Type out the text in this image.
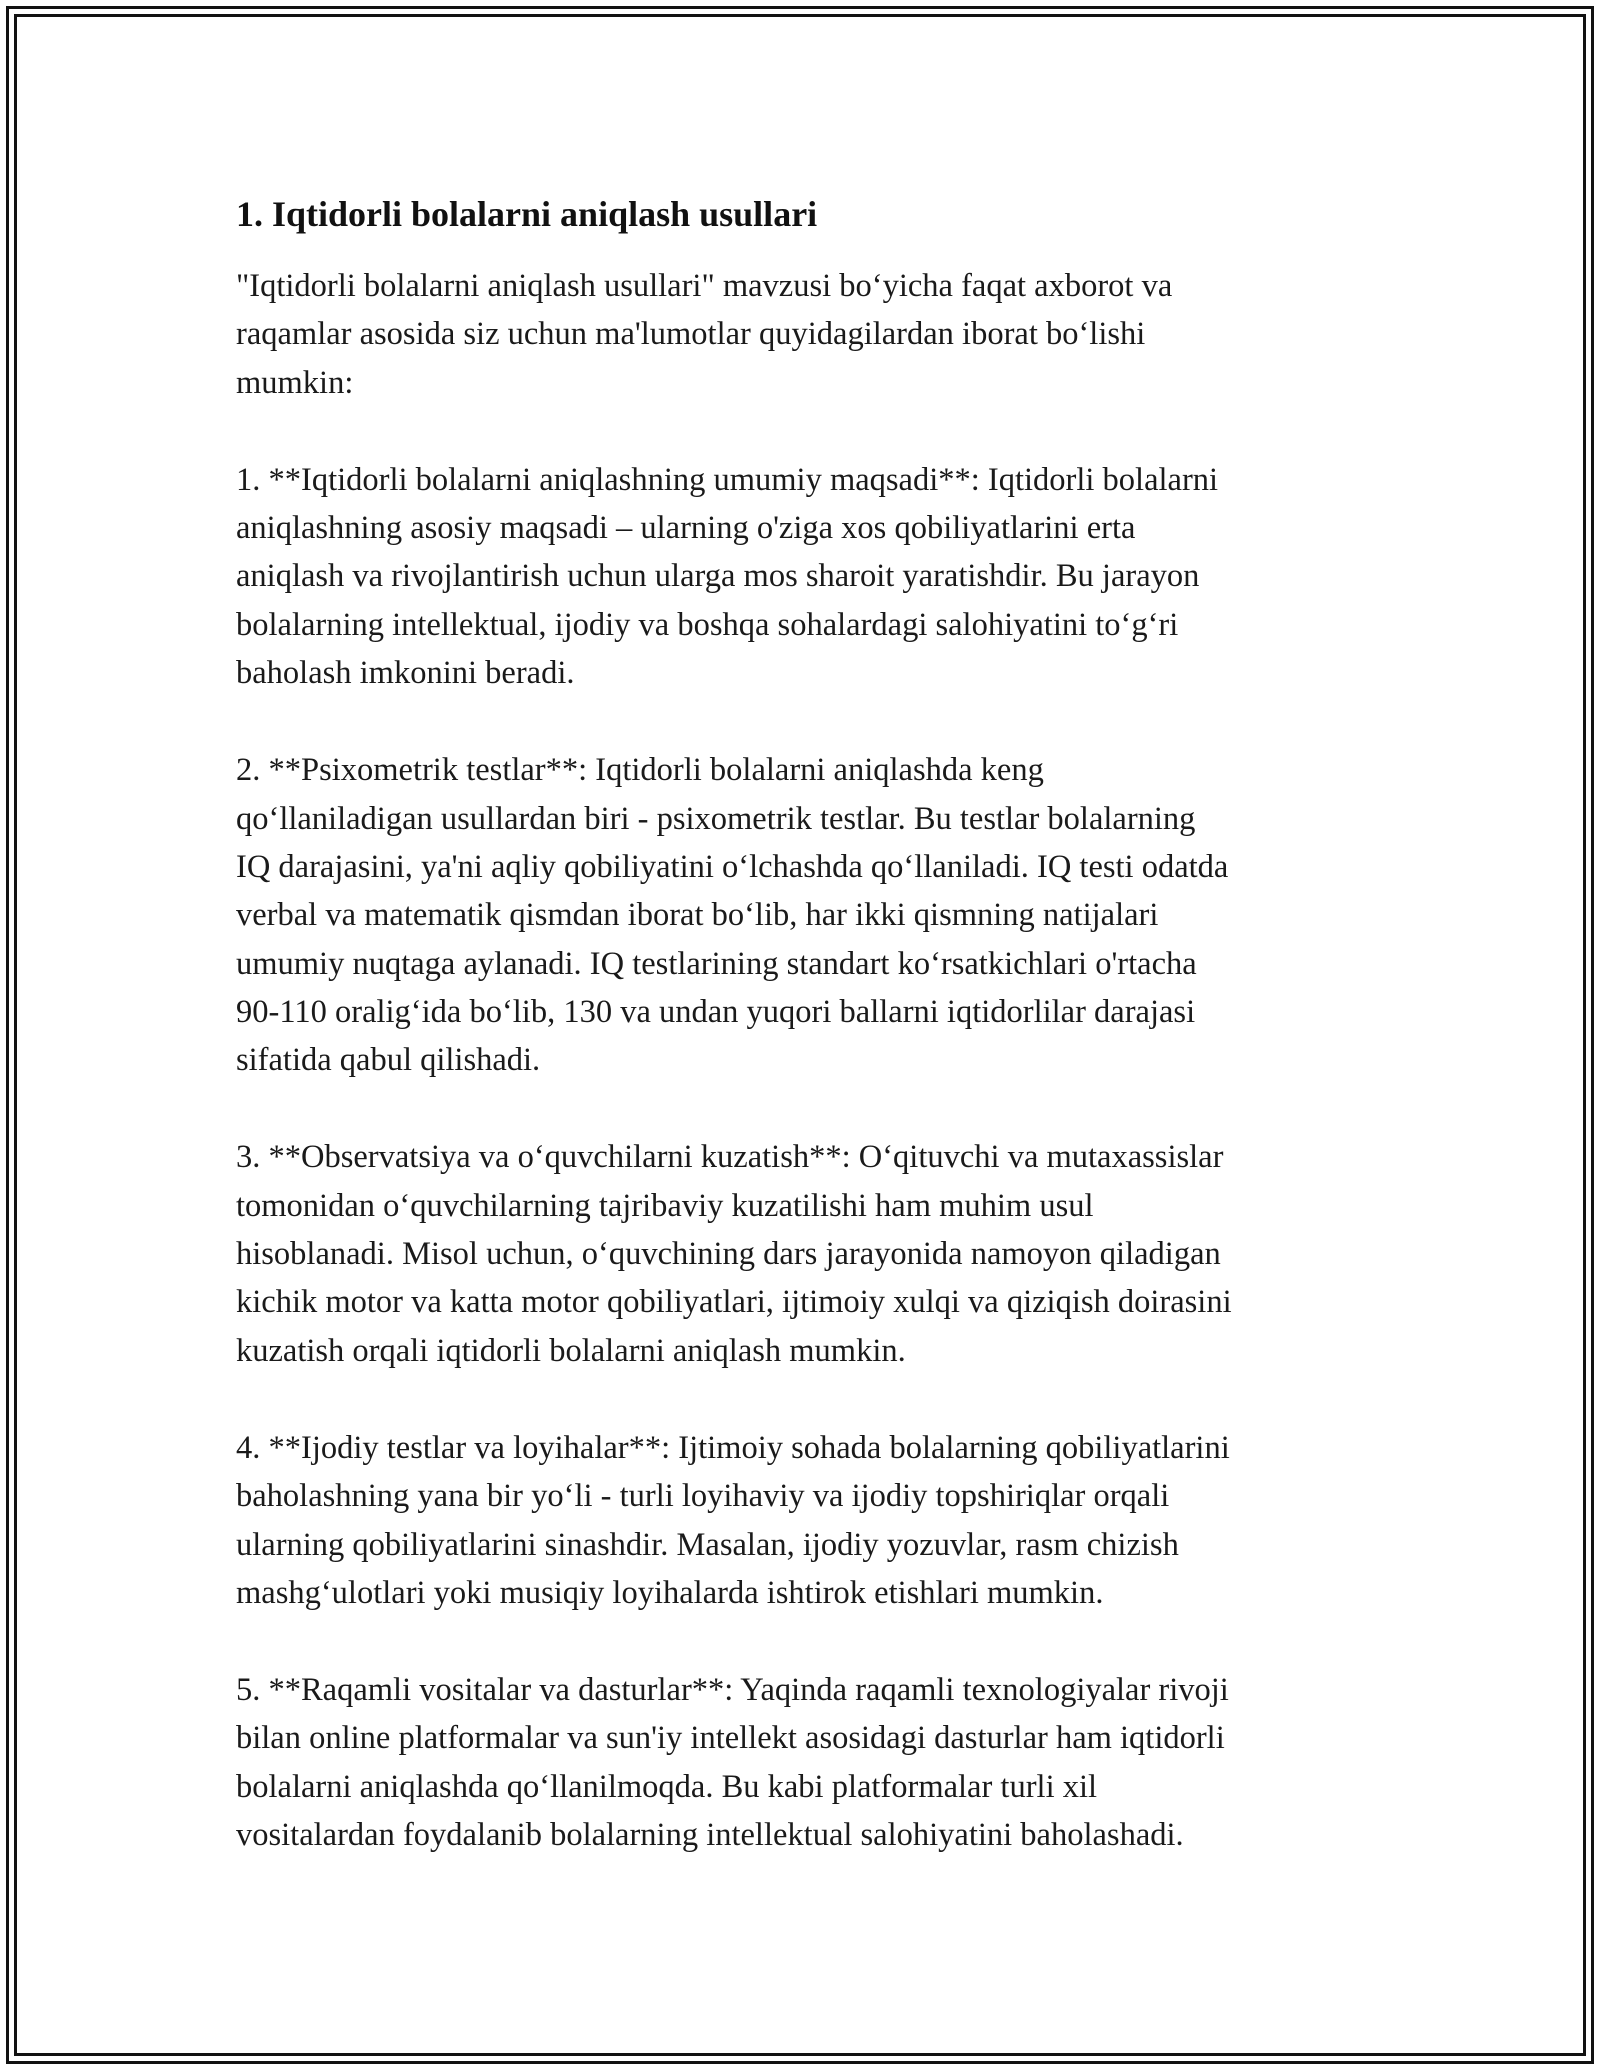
1. Iqtidorli bolalarni aniqlash usullari

"Iqtidorli bolalarni aniqlash usullari" mavzusi bo‘yicha faqat axborot va
raqamlar asosida siz uchun ma'lumotlar quyidagilardan iborat bo‘lishi
mumkin:

1. **Iqtidorli bolalarni aniqlashning umumiy maqsadi**: Iqtidorli bolalarni
aniqlashning asosiy maqsadi – ularning o'ziga xos qobiliyatlarini erta
aniqlash va rivojlantirish uchun ularga mos sharoit yaratishdir. Bu jarayon
bolalarning intellektual, ijodiy va boshqa sohalardagi salohiyatini to‘g‘ri
baholash imkonini beradi.

2. **Psixometrik testlar**: Iqtidorli bolalarni aniqlashda keng
qo‘llaniladigan usullardan biri - psixometrik testlar. Bu testlar bolalarning
IQ darajasini, ya'ni aqliy qobiliyatini o‘lchashda qo‘llaniladi. IQ testi odatda
verbal va matematik qismdan iborat bo‘lib, har ikki qismning natijalari
umumiy nuqtaga aylanadi. IQ testlarining standart ko‘rsatkichlari o'rtacha
90-110 oralig‘ida bo‘lib, 130 va undan yuqori ballarni iqtidorlilar darajasi
sifatida qabul qilishadi.

3. **Observatsiya va o‘quvchilarni kuzatish**: O‘qituvchi va mutaxassislar
tomonidan o‘quvchilarning tajribaviy kuzatilishi ham muhim usul
hisoblanadi. Misol uchun, o‘quvchining dars jarayonida namoyon qiladigan
kichik motor va katta motor qobiliyatlari, ijtimoiy xulqi va qiziqish doirasini
kuzatish orqali iqtidorli bolalarni aniqlash mumkin.

4. **Ijodiy testlar va loyihalar**: Ijtimoiy sohada bolalarning qobiliyatlarini
baholashning yana bir yo‘li - turli loyihaviy va ijodiy topshiriqlar orqali
ularning qobiliyatlarini sinashdir. Masalan, ijodiy yozuvlar, rasm chizish
mashg‘ulotlari yoki musiqiy loyihalarda ishtirok etishlari mumkin.

5. **Raqamli vositalar va dasturlar**: Yaqinda raqamli texnologiyalar rivoji
bilan online platformalar va sun'iy intellekt asosidagi dasturlar ham iqtidorli
bolalarni aniqlashda qo‘llanilmoqda. Bu kabi platformalar turli xil
vositalardan foydalanib bolalarning intellektual salohiyatini baholashadi.
